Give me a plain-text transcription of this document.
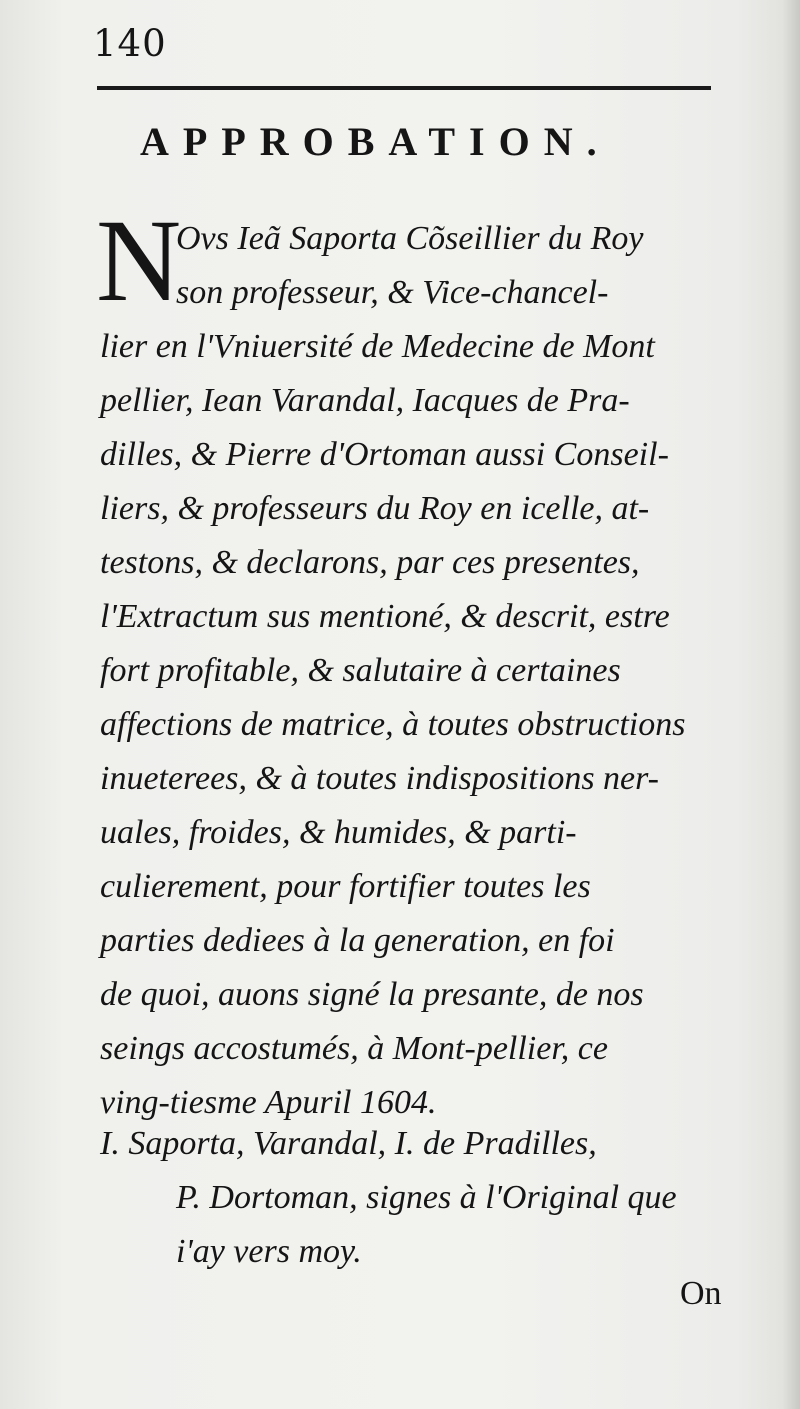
140
APPROBATION.
N
Ovs Ieã Saporta Cõseillier du Roy
son professeur, & Vice-chancel-
lier en l'Vniuersité de Medecine de Mont
pellier, Iean Varandal, Iacques de Pra-
dilles, & Pierre d'Ortoman aussi Conseil-
liers, & professeurs du Roy en icelle, at-
testons, & declarons, par ces presentes,
l'Extractum sus mentioné, & descrit, estre
fort profitable, & salutaire à certaines
affections de matrice, à toutes obstructions
inueterees, & à toutes indispositions ner-
uales, froides, & humides, & parti-
culierement, pour fortifier toutes les
parties dediees à la generation, en foi
de quoi, auons signé la presante, de nos
seings accostumés, à Mont-pellier, ce
ving-tiesme Apuril 1604.
I. Saporta, Varandal, I. de Pradilles,
P. Dortoman, signes à l'Original que
i'ay vers moy.
On
